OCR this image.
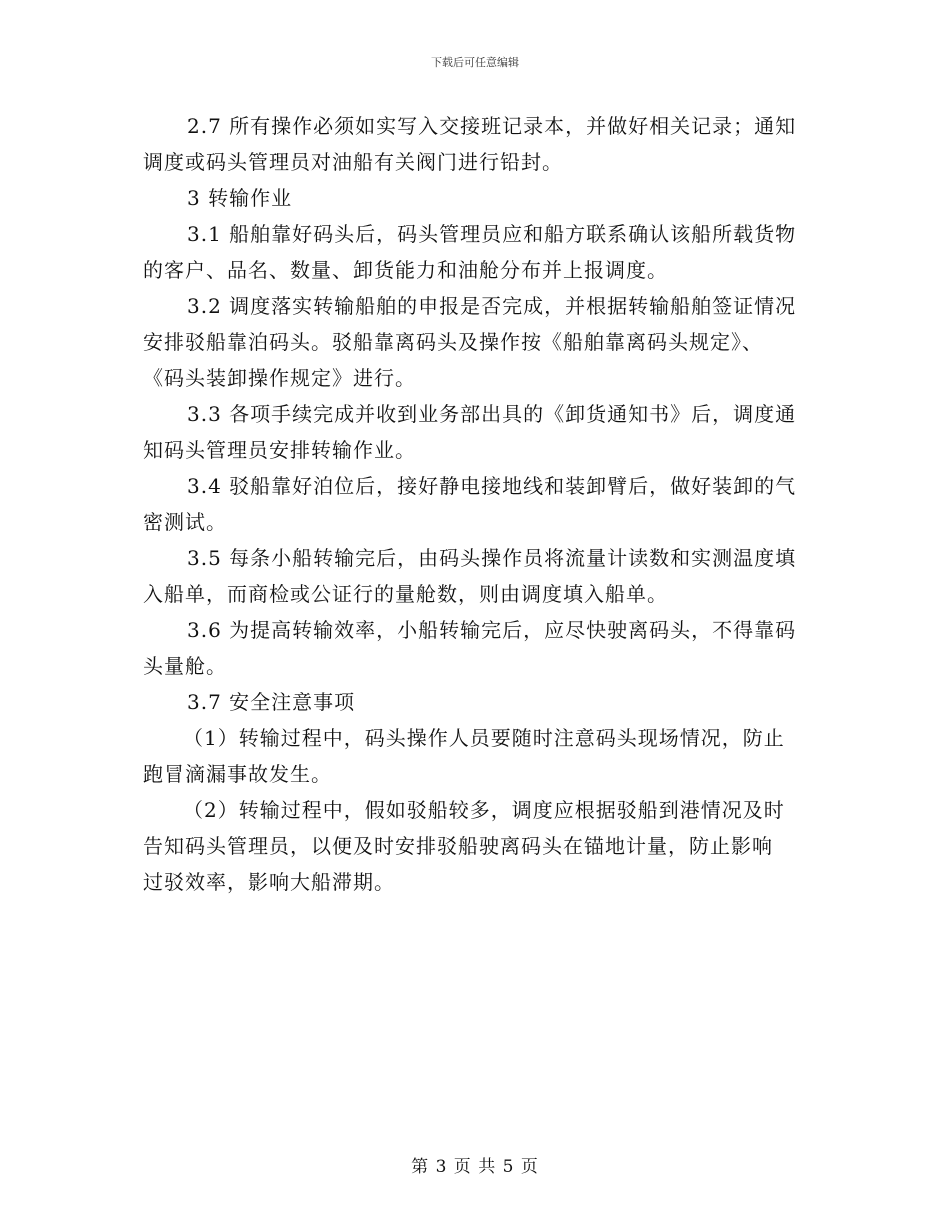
下载后可任意编辑

2.7 所有操作必须如实写入交接班记录本，并做好相关记录；通知
调度或码头管理员对油船有关阀门进行铅封。

3 转输作业

3.1 船舶靠好码头后，码头管理员应和船方联系确认该船所载货物
的客户、品名、数量、卸货能力和油舱分布并上报调度。

3.2 调度落实转输船舶的申报是否完成，并根据转输船舶签证情况
安排驳船靠泊码头。驳船靠离码头及操作按《船舶靠离码头规定》、
《码头装卸操作规定》进行。

3.3 各项手续完成并收到业务部出具的《卸货通知书》后，调度通
知码头管理员安排转输作业。

3.4 驳船靠好泊位后，接好静电接地线和装卸臂后，做好装卸的气
密测试。

3.5 每条小船转输完后，由码头操作员将流量计读数和实测温度填
入船单，而商检或公证行的量舱数，则由调度填入船单。

3.6 为提高转输效率，小船转输完后，应尽快驶离码头，不得靠码
头量舱。

3.7 安全注意事项

（1）转输过程中，码头操作人员要随时注意码头现场情况，防止
跑冒滴漏事故发生。

（2）转输过程中，假如驳船较多，调度应根据驳船到港情况及时
告知码头管理员，以便及时安排驳船驶离码头在锚地计量，防止影响
过驳效率，影响大船滞期。

第 3 页 共 5 页
